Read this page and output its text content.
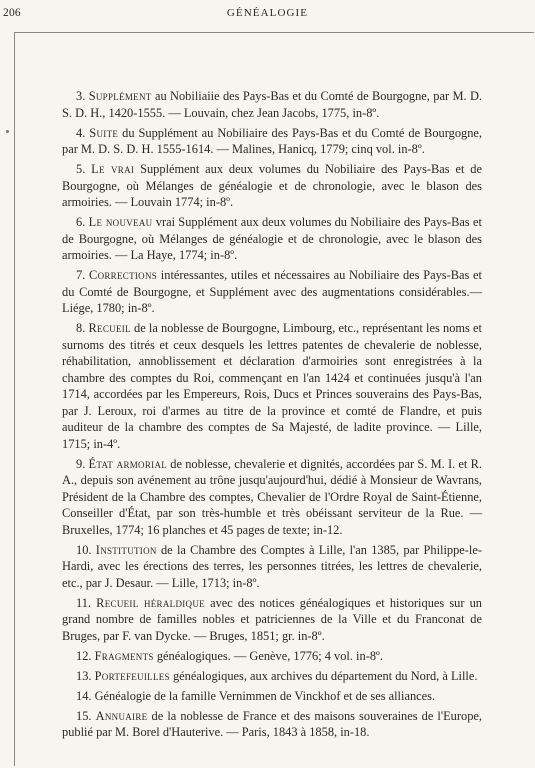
206	GÉNÉALOGIE

3. Supplément au Nobiliaiie des Pays-Bas et du Comté de Bourgogne, par M. D. S. D. H., 1420-1555. — Louvain, chez Jean Jacobs, 1775, in-8º.

4. Suite du Supplément au Nobiliaire des Pays-Bas et du Comté de Bourgogne, par M. D. S. D. H. 1555-1614. — Malines, Hanicq, 1779; cinq vol. in-8º.

5. Le vrai Supplément aux deux volumes du Nobiliaire des Pays-Bas et de Bourgogne, où Mélanges de généalogie et de chronologie, avec le blason des armoiries. — Louvain 1774; in-8º.

6. Le nouveau vrai Supplément aux deux volumes du Nobiliaire des Pays-Bas et de Bourgogne, où Mélanges de généalogie et de chronologie, avec le blason des armoiries. — La Haye, 1774; in-8º.

7. Corrections intéressantes, utiles et nécessaires au Nobiliaire des Pays-Bas et du Comté de Bourgogne, et Supplément avec des augmentations considérables.— Liége, 1780; in-8º.

8. Recueil de la noblesse de Bourgogne, Limbourg, etc., représentant les noms et surnoms des titrés et ceux desquels les lettres patentes de chevalerie de noblesse, réhabilitation, annoblissement et déclaration d'armoiries sont enregistrées à la chambre des comptes du Roi, commençant en l'an 1424 et continuées jusqu'à l'an 1714, accordées par les Empereurs, Rois, Ducs et Princes souverains des Pays-Bas, par J. Leroux, roi d'armes au titre de la province et comté de Flandre, et puis auditeur de la chambre des comptes de Sa Majesté, de ladite province. — Lille, 1715; in-4º.

9. État armorial de noblesse, chevalerie et dignités, accordées par S. M. I. et R. A., depuis son avénement au trône jusqu'aujourd'hui, dédié à Monsieur de Wavrans, Président de la Chambre des comptes, Chevalier de l'Ordre Royal de Saint-Étienne, Conseiller d'État, par son très-humble et très obéissant serviteur de la Rue. — Bruxelles, 1774; 16 planches et 45 pages de texte; in-12.

10. Institution de la Chambre des Comptes à Lille, l'an 1385, par Philippe-le-Hardi, avec les érections des terres, les personnes titrées, les lettres de chevalerie, etc., par J. Desaur. — Lille, 1713; in-8º.

11. Recueil héraldique avec des notices généalogiques et historiques sur un grand nombre de familles nobles et patriciennes de la Ville et du Franconat de Bruges, par F. van Dycke. — Bruges, 1851; gr. in-8º.

12. Fragments généalogiques. — Genève, 1776; 4 vol. in-8º.

13. Portefeuilles généalogiques, aux archives du département du Nord, à Lille.

14. Généalogie de la famille Vernimmen de Vinckhof et de ses alliances.

15. Annuaire de la noblesse de France et des maisons souveraines de l'Europe, publié par M. Borel d'Hauterive. — Paris, 1843 à 1858, in-18.
